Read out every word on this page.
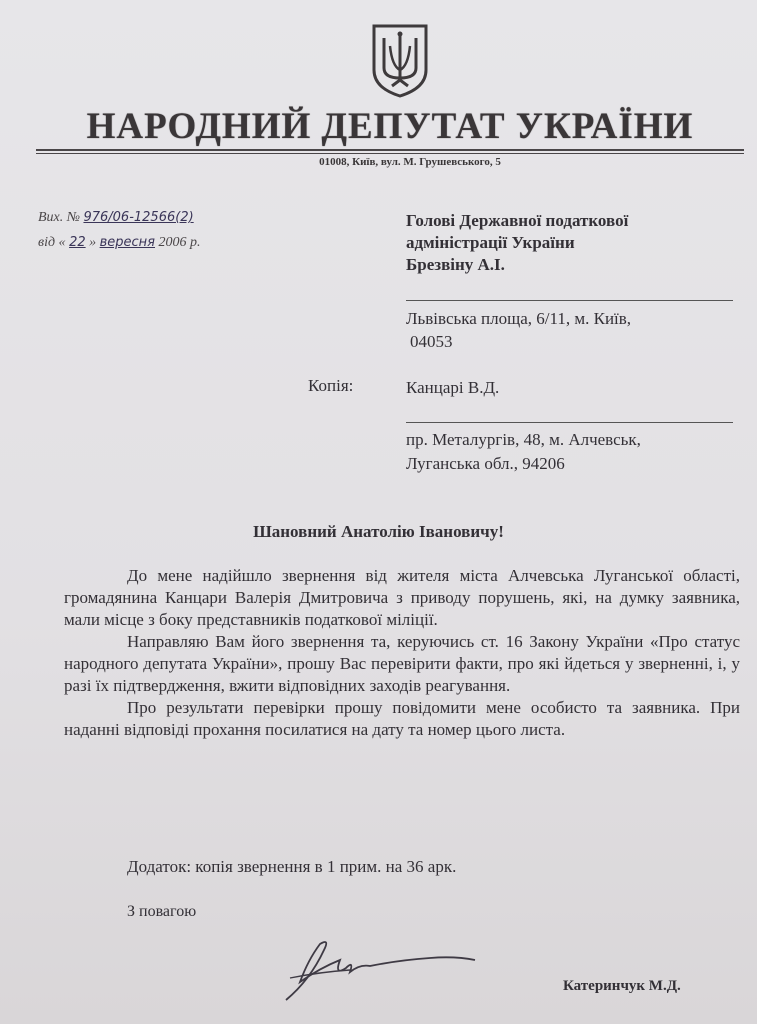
НАРОДНИЙ ДЕПУТАТ УКРАЇНИ
01008, Київ, вул. М. Грушевського, 5
Вих. № 976/06-12566(2)
від « 22 » вересня 2006 р.
Голові Державної податкової
адміністрації України
Брезвіну А.І.
Львівська площа, 6/11, м. Київ,
04053
Копія:	Канцарі В.Д.
пр. Металургів, 48, м. Алчевськ,
Луганська обл., 94206
Шановний Анатолію Івановичу!

До мене надійшло звернення від жителя міста Алчевська Луганської області, громадянина Канцари Валерія Дмитровича з приводу порушень, які, на думку заявника, мали місце з боку представників податкової міліції.

Направляю Вам його звернення та, керуючись ст. 16 Закону України «Про статус народного депутата України», прошу Вас перевірити факти, про які йдеться у зверненні, і, у разі їх підтвердження, вжити відповідних заходів реагування.

Про результати перевірки прошу повідомити мене особисто та заявника. При наданні відповіді прохання посилатися на дату та номер цього листа.

Додаток: копія звернення в 1 прим. на 36 арк.
З повагою
Катеринчук М.Д.
